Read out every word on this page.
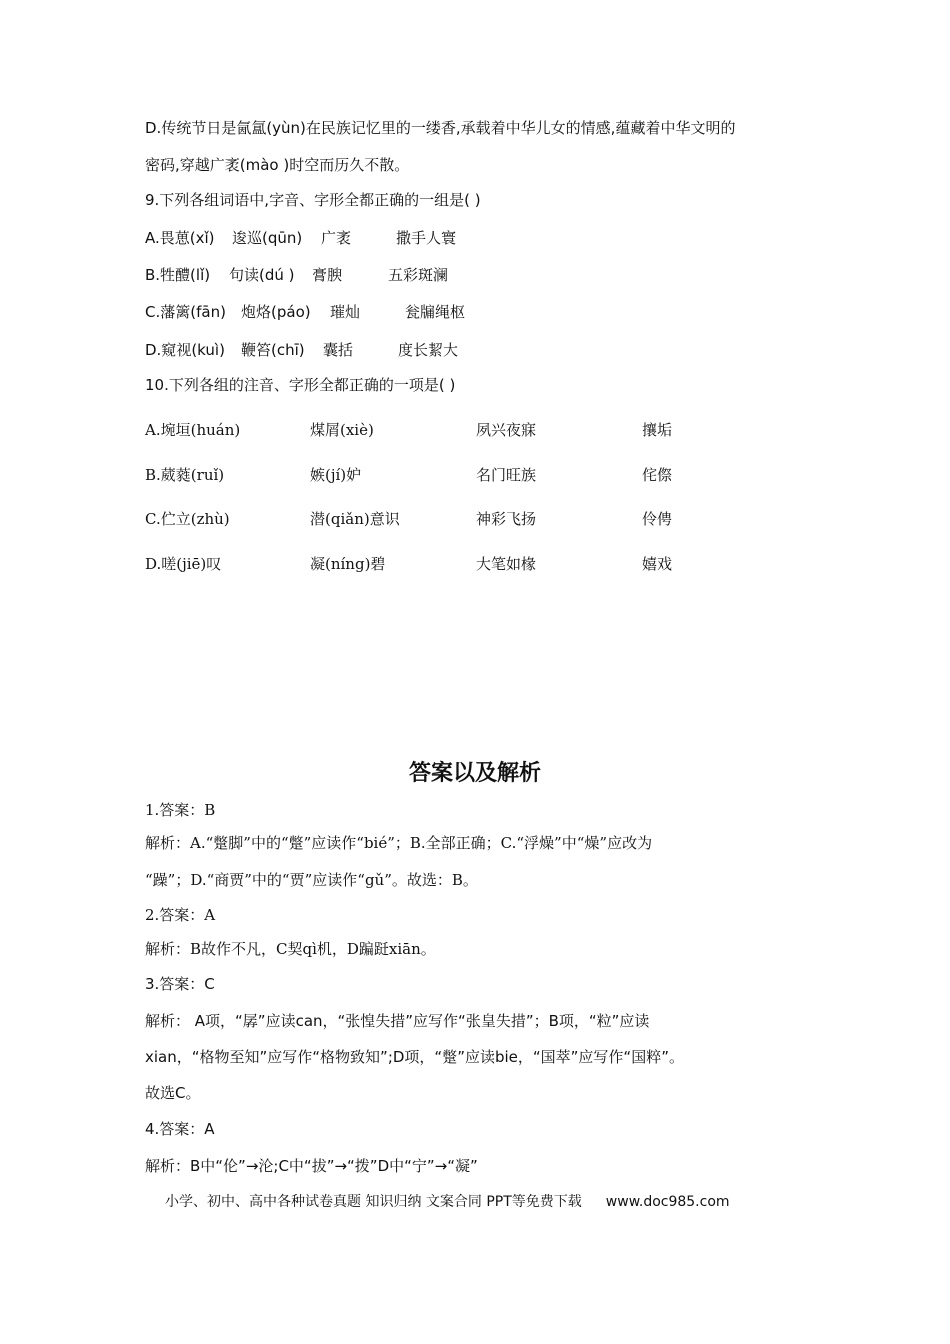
D.传统节日是氤氲(yùn)在民族记忆里的一缕香,承载着中华儿女的情感,蕴藏着中华文明的
密码,穿越广袤(mào )时空而历久不散。
9.下列各组词语中,字音、字形全都正确的一组是( )
A.畏葸(xǐ) 逡巡(qūn) 广袤	撒手人寰
B.牲醴(lǐ) 句读(dú ) 膏腴	五彩斑澜
C.藩篱(fān) 炮烙(páo) 璀灿	瓮牖绳枢
D.窥视(kuì) 鞭笞(chī) 囊括	度长絜大
10.下列各组的注音、字形全都正确的一项是( )
A.埦垣(huán)	煤屑(xiè)	夙兴夜寐	攘垢
B.葳蕤(ruǐ)	嫉(jí)妒	名门旺族	侘傺
C.伫立(zhù)	潜(qiǎn)意识	神彩飞扬	伶俜
D.嗟(jiē)叹	凝(níng)碧	大笔如椽	嬉戏
答案以及解析
1.答案：B
解析：A.“蹩脚”中的“蹩”应读作“bié”；B.全部正确；C.“浮燥”中“燥”应改为
“躁”；D.“商贾”中的“贾”应读作“gǔ”。故选：B。
2.答案：A
解析：B故作不凡，C契qì机，D蹁跹xiān。
3.答案：C
解析： A项，“孱”应读can，“张惶失措”应写作“张皇失措”；B项，“粒”应读
xian，“格物至知”应写作“格物致知”;D项，“蹩”应读bie，“国萃”应写作“国粹”。
故选C。
4.答案：A
解析：B中“伦”→沦;C中“拔”→“拨”D中“宁”→“凝”
小学、初中、高中各种试卷真题 知识归纳 文案合同 PPT等免费下载 www.doc985.com
